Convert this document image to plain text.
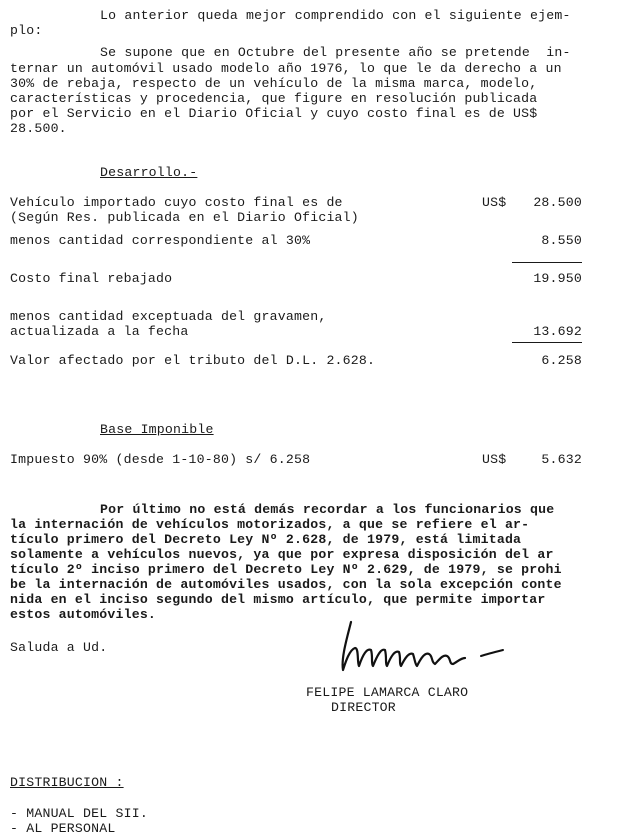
Lo anterior queda mejor comprendido con el siguiente ejem-
plo:
Se supone que en Octubre del presente año se pretende  in-
ternar un automóvil usado modelo año 1976, lo que le da derecho a un
30% de rebaja, respecto de un vehículo de la misma marca, modelo,
características y procedencia, que figure en resolución publicada
por el Servicio en el Diario Oficial y cuyo costo final es de US$
28.500.
Desarrollo.-
Vehículo importado cuyo costo final es de	US$ 28.500
(Según Res. publicada en el Diario Oficial)
menos cantidad correspondiente al 30%	8.550
Costo final rebajado	19.950
menos cantidad exceptuada del gravamen,
actualizada a la fecha	13.692
Valor afectado por el tributo del D.L. 2.628.	6.258
Base Imponible
Impuesto 90% (desde 1-10-80) s/ 6.258	US$	5.632
Por último no está demás recordar a los funcionarios que
la internación de vehículos motorizados, a que se refiere el ar-
tículo primero del Decreto Ley Nº 2.628, de 1979, está limitada
solamente a vehículos nuevos, ya que por expresa disposición del ar
tículo 2º inciso primero del Decreto Ley Nº 2.629, de 1979, se prohi
be la internación de automóviles usados, con la sola excepción conte
nida en el inciso segundo del mismo artículo, que permite importar
estos automóviles.
Saluda a Ud.
FELIPE LAMARCA CLARO
DIRECTOR
DISTRIBUCION :
- MANUAL DEL SII.
- AL PERSONAL
